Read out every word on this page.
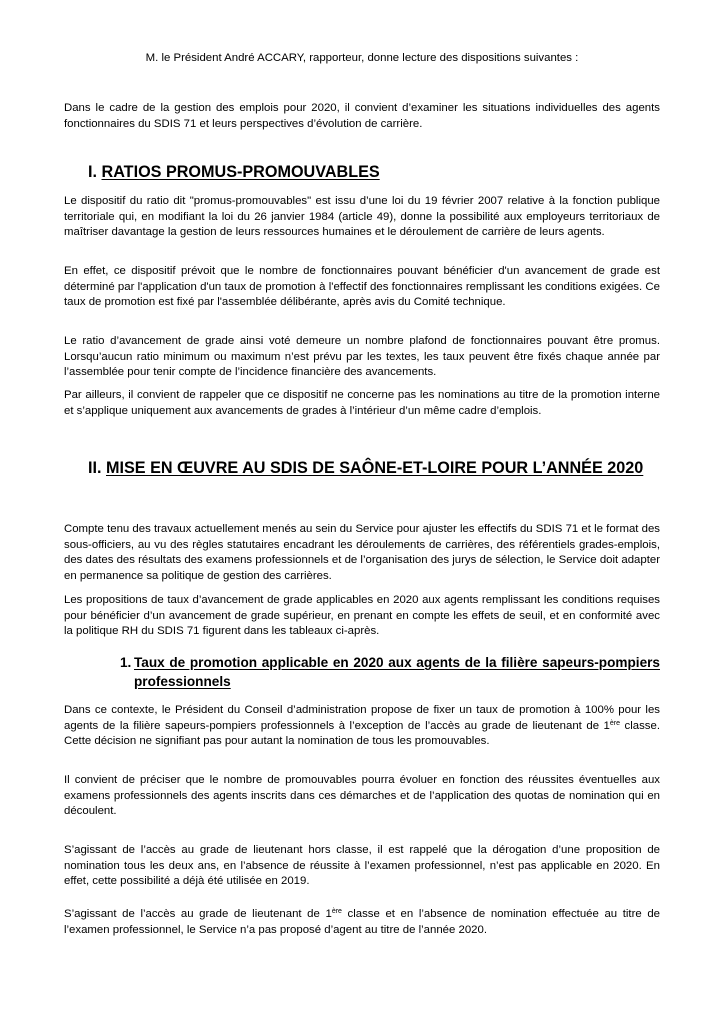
M. le Président André ACCARY, rapporteur, donne lecture des dispositions suivantes :

Dans le cadre de la gestion des emplois pour 2020, il convient d’examiner les situations individuelles des agents fonctionnaires du SDIS 71 et leurs perspectives d’évolution de carrière.

I. RATIOS PROMUS-PROMOUVABLES

Le dispositif du ratio dit "promus-promouvables" est issu d’une loi du 19 février 2007 relative à la fonction publique territoriale qui, en modifiant la loi du 26 janvier 1984 (article 49), donne la possibilité aux employeurs territoriaux de maîtriser davantage la gestion de leurs ressources humaines et le déroulement de carrière de leurs agents.

En effet, ce dispositif prévoit que le nombre de fonctionnaires pouvant bénéficier d'un avancement de grade est déterminé par l'application d'un taux de promotion à l'effectif des fonctionnaires remplissant les conditions exigées. Ce taux de promotion est fixé par l'assemblée délibérante, après avis du Comité technique.

Le ratio d’avancement de grade ainsi voté demeure un nombre plafond de fonctionnaires pouvant être promus. Lorsqu’aucun ratio minimum ou maximum n’est prévu par les textes, les taux peuvent être fixés chaque année par l’assemblée pour tenir compte de l’incidence financière des avancements.

Par ailleurs, il convient de rappeler que ce dispositif ne concerne pas les nominations au titre de la promotion interne et s’applique uniquement aux avancements de grades à l’intérieur d’un même cadre d’emplois.

II. MISE EN ŒUVRE AU SDIS DE SAÔNE-ET-LOIRE POUR L’ANNÉE 2020

Compte tenu des travaux actuellement menés au sein du Service pour ajuster les effectifs du SDIS 71 et le format des sous-officiers, au vu des règles statutaires encadrant les déroulements de carrières, des référentiels grades-emplois, des dates des résultats des examens professionnels et de l’organisation des jurys de sélection, le Service doit adapter en permanence sa politique de gestion des carrières.

Les propositions de taux d’avancement de grade applicables en 2020 aux agents remplissant les conditions requises pour bénéficier d’un avancement de grade supérieur, en prenant en compte les effets de seuil, et en conformité avec la politique RH du SDIS 71 figurent dans les tableaux ci-après.

1. Taux de promotion applicable en 2020 aux agents de la filière sapeurs-pompiers professionnels

Dans ce contexte, le Président du Conseil d’administration propose de fixer un taux de promotion à 100% pour les agents de la filière sapeurs-pompiers professionnels à l’exception de l’accès au grade de lieutenant de 1ère classe. Cette décision ne signifiant pas pour autant la nomination de tous les promouvables.

Il convient de préciser que le nombre de promouvables pourra évoluer en fonction des réussites éventuelles aux examens professionnels des agents inscrits dans ces démarches et de l’application des quotas de nomination qui en découlent.

S’agissant de l’accès au grade de lieutenant hors classe, il est rappelé que la dérogation d’une proposition de nomination tous les deux ans, en l’absence de réussite à l’examen professionnel, n’est pas applicable en 2020. En effet, cette possibilité a déjà été utilisée en 2019.

S’agissant de l’accès au grade de lieutenant de 1ère classe et en l’absence de nomination effectuée au titre de l’examen professionnel, le Service n’a pas proposé d’agent au titre de l’année 2020.
